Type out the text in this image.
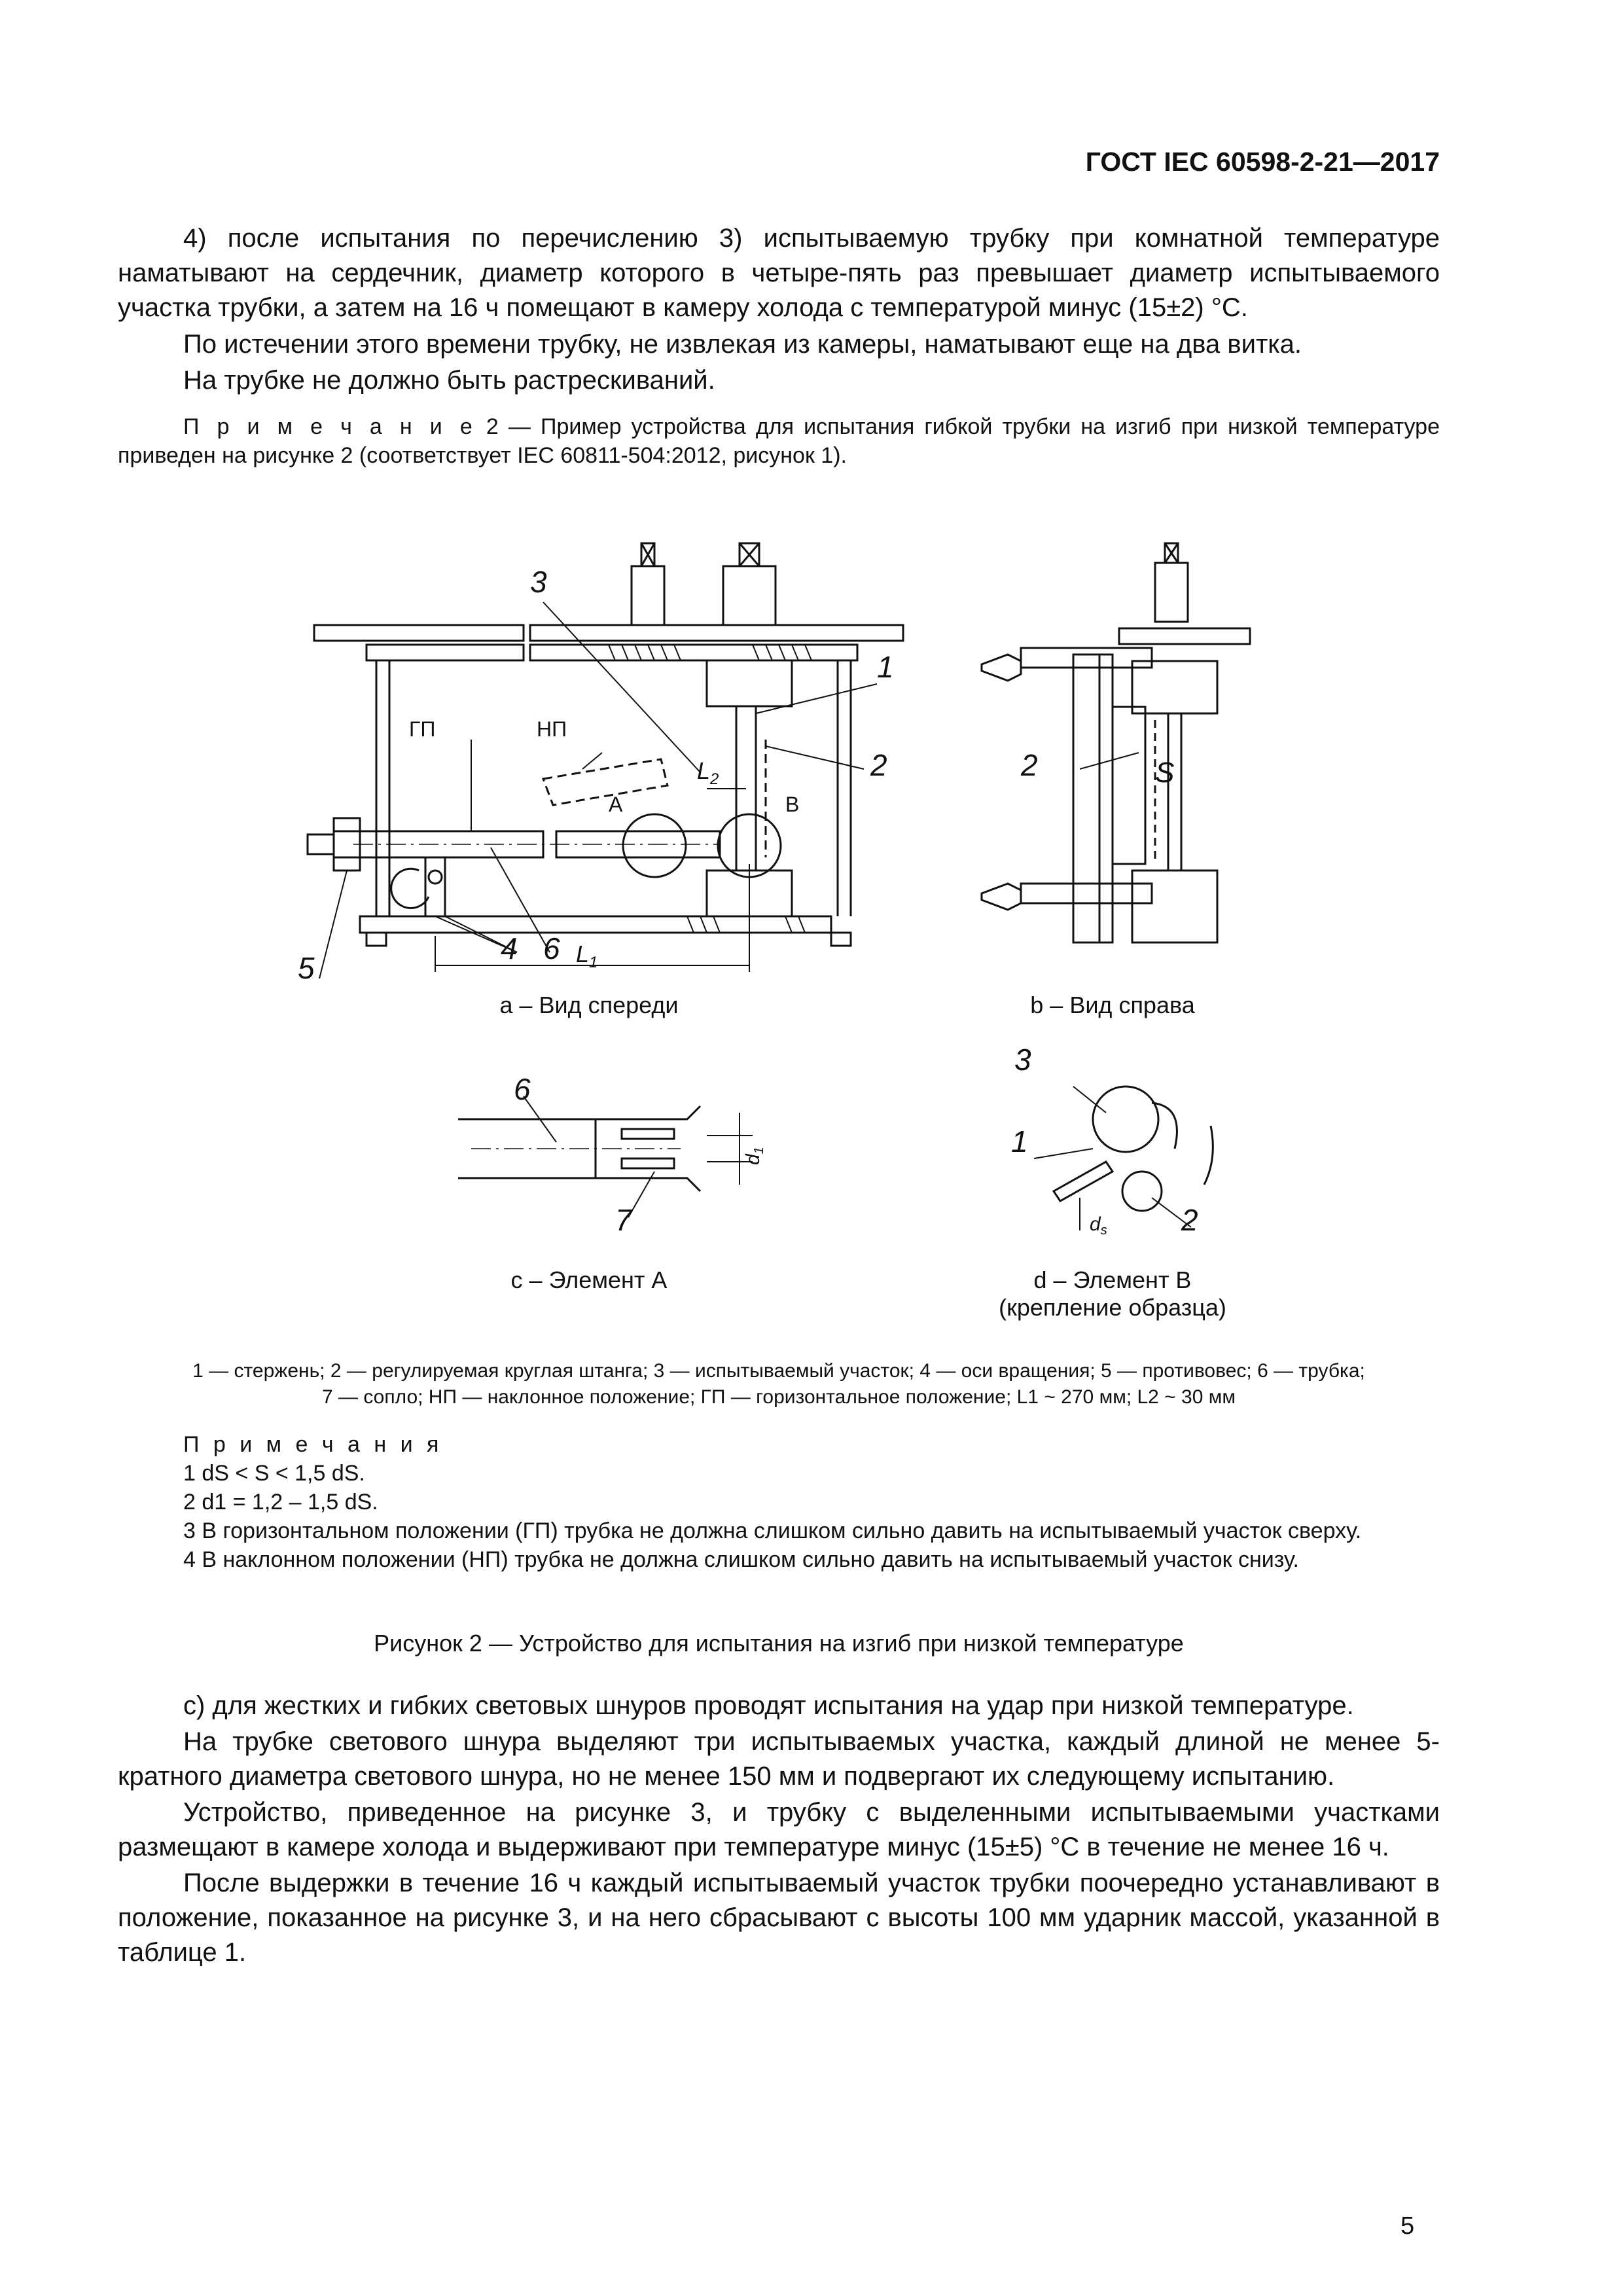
ГОСТ IEC 60598-2-21—2017
4) после испытания по перечислению 3) испытываемую трубку при комнатной температуре наматывают на сердечник, диаметр которого в четыре-пять раз превышает диаметр испытываемого участка трубки, а затем на 16 ч помещают в камеру холода с температурой минус (15±2) °С.
По истечении этого времени трубку, не извлекая из камеры, наматывают еще на два витка.
На трубке не должно быть растрескиваний.
П р и м е ч а н и е 2 — Пример устройства для испытания гибкой трубки на изгиб при низкой температуре приведен на рисунке 2 (соответствует IEC 60811-504:2012, рисунок 1).
S
3
1
2
5
4 6
2
6
7
3
1
2
ГП	НП
A	B
$L_1$
$L_2$
$d_1$
$d_s$
a – Вид спереди	b – Вид справа
c – Элемент A	d – Элемент B
(крепление образца)
1 — стержень; 2 — регулируемая круглая штанга; 3 — испытываемый участок; 4 — оси вращения; 5 — противовес; 6 — трубка;
7 — сопло; НП — наклонное положение; ГП — горизонтальное положение; L1 ~ 270 мм; L2 ~ 30 мм
П р и м е ч а н и я
1 dS < S < 1,5 dS.
2 d1 = 1,2 – 1,5 dS.
3 В горизонтальном положении (ГП) трубка не должна слишком сильно давить на испытываемый участок сверху.
4 В наклонном положении (НП) трубка не должна слишком сильно давить на испытываемый участок снизу.
Рисунок 2 — Устройство для испытания на изгиб при низкой температуре
c) для жестких и гибких световых шнуров проводят испытания на удар при низкой температуре.
На трубке светового шнура выделяют три испытываемых участка, каждый длиной не менее 5-кратного диаметра светового шнура, но не менее 150 мм и подвергают их следующему испытанию.
Устройство, приведенное на рисунке 3, и трубку с выделенными испытываемыми участками размещают в камере холода и выдерживают при температуре минус (15±5) °С в течение не менее 16 ч.
После выдержки в течение 16 ч каждый испытываемый участок трубки поочередно устанавливают в положение, показанное на рисунке 3, и на него сбрасывают с высоты 100 мм ударник массой, указанной в таблице 1.
5
